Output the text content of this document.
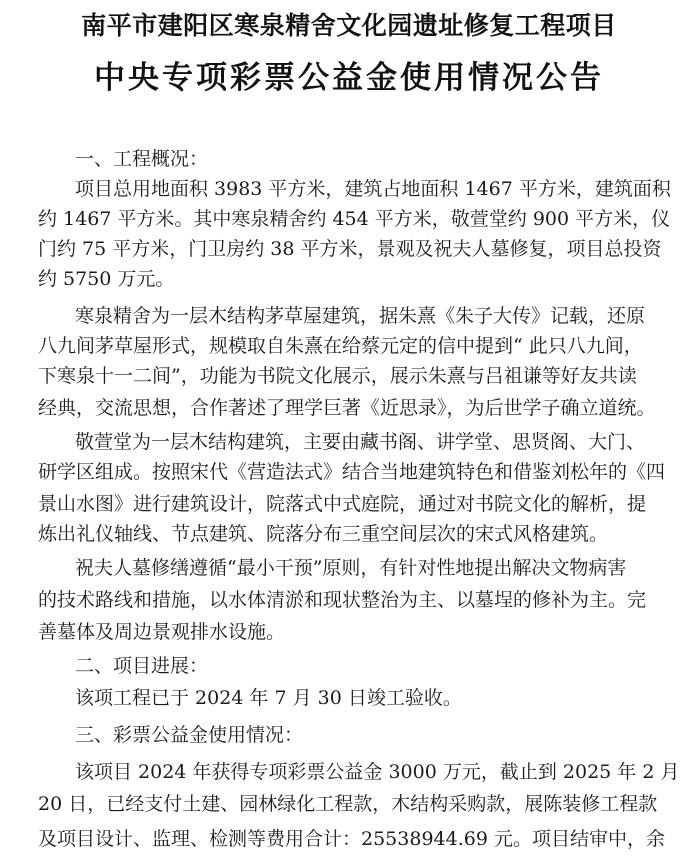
南平市建阳区寒泉精舍文化园遗址修复工程项目
中央专项彩票公益金使用情况公告
一、工程概况：
项目总用地面积 3983 平方米，建筑占地面积 1467 平方米，建筑面积
约 1467 平方米。其中寒泉精舍约 454 平方米，敬萱堂约 900 平方米，仪
门约 75 平方米，门卫房约 38 平方米，景观及祝夫人墓修复，项目总投资
约 5750 万元。
寒泉精舍为一层木结构茅草屋建筑，据朱熹《朱子大传》记载，还原
八九间茅草屋形式，规模取自朱熹在给蔡元定的信中提到“ 此只八九间，
下寒泉十一二间”，功能为书院文化展示，展示朱熹与吕祖谦等好友共读
经典，交流思想，合作著述了理学巨著《近思录》，为后世学子确立道统。
敬萱堂为一层木结构建筑，主要由藏书阁、讲学堂、思贤阁、大门、
研学区组成。按照宋代《营造法式》结合当地建筑特色和借鉴刘松年的《四
景山水图》进行建筑设计，院落式中式庭院，通过对书院文化的解析，提
炼出礼仪轴线、节点建筑、院落分布三重空间层次的宋式风格建筑。
祝夫人墓修缮遵循“最小干预”原则，有针对性地提出解决文物病害
的技术路线和措施，以水体清淤和现状整治为主、以墓埕的修补为主。完
善墓体及周边景观排水设施。
二、项目进展：
该项工程已于 2024 年 7 月 30 日竣工验收。
三、彩票公益金使用情况：
该项目 2024 年获得专项彩票公益金 3000 万元，截止到 2025 年 2 月
20 日，已经支付土建、园林绿化工程款，木结构采购款，展陈装修工程款
及项目设计、监理、检测等费用合计：25538944.69 元。项目结审中，余
